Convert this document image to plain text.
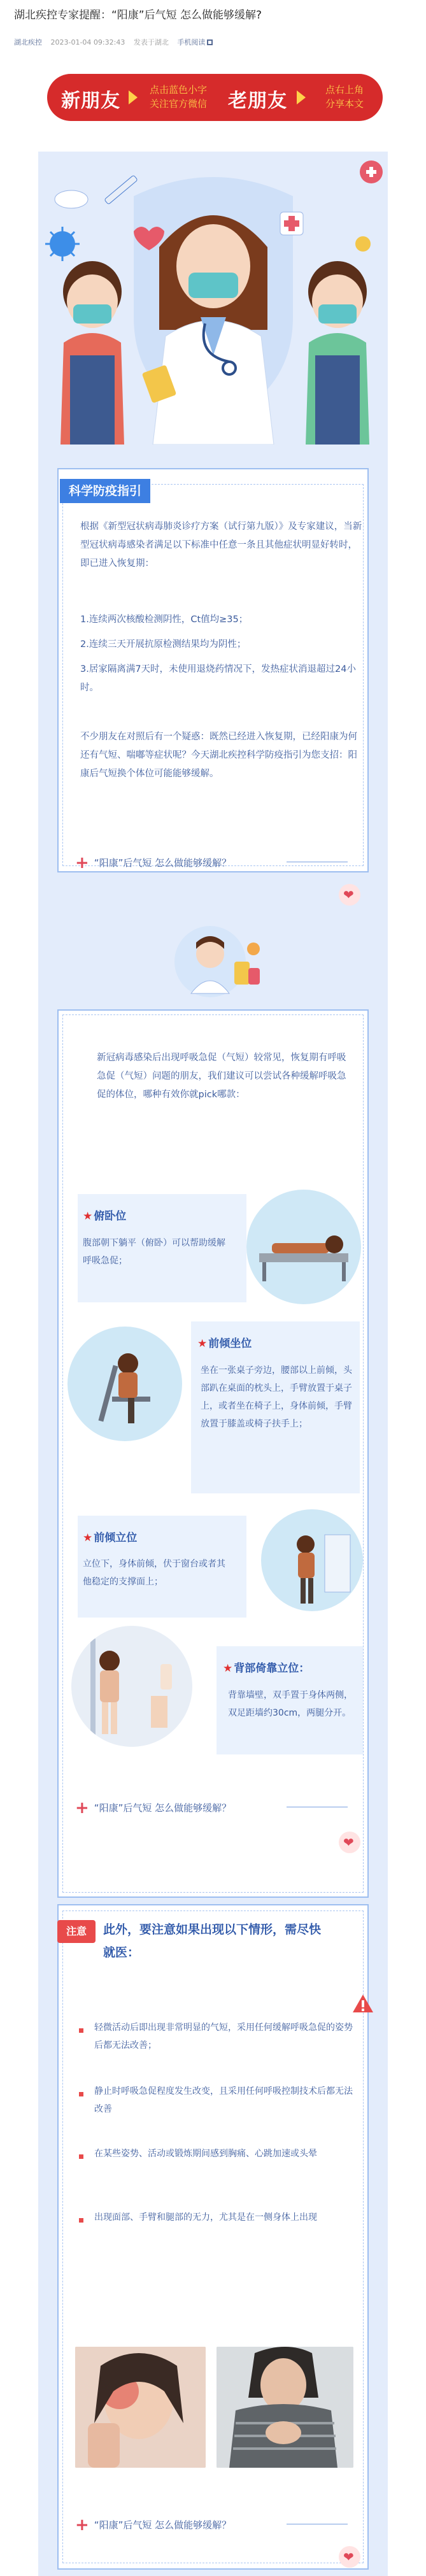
湖北疾控专家提醒：“阳康”后气短 怎么做能够缓解?
湖北疾控 2023-01-04 09:32:43 发表于湖北 手机阅读
新朋友	点击蓝色小字
关注官方微信	老朋友	点右上角
分享本文
科学防疫指引
根据《新型冠状病毒肺炎诊疗方案（试行第九版）》及专家建议，当新型冠状病毒感染者满足以下标准中任意一条且其他症状明显好转时，即已进入恢复期：
1.连续两次核酸检测阴性，Ct值均≥35；
2.连续三天开展抗原检测结果均为阴性；
3.居家隔离满7天时，未使用退烧药情况下，发热症状消退超过24小时。
不少朋友在对照后有一个疑惑：既然已经进入恢复期，已经阳康为何还有气短、喘嘟等症状呢？今天湖北疾控科学防疫指引为您支招：阳康后气短换个体位可能能够缓解。
+ “阳康”后气短 怎么做能够缓解？
❤
新冠病毒感染后出现呼吸急促（气短）较常见，恢复期有呼吸急促（气短）问题的朋友，我们建议可以尝试各种缓解呼吸急促的体位，哪种有效你就pick哪款：
★ 俯卧位
腹部朝下躺平（俯卧）可以帮助缓解呼吸急促；
★ 前倾坐位
坐在一张桌子旁边，腰部以上前倾，头部趴在桌面的枕头上，手臂放置于桌子上，或者坐在椅子上，身体前倾，手臂放置于膝盖或椅子扶手上；
★ 前倾立位
立位下，身体前倾，伏于窗台或者其他稳定的支撑面上；
★ 背部倚靠立位：
背靠墙壁，双手置于身体两侧，双足距墙约30cm，两腿分开。
+ “阳康”后气短 怎么做能够缓解？
❤
注意	此外，要注意如果出现以下情形，需尽快就医：
轻微活动后即出现非常明显的气短，采用任何缓解呼吸急促的姿势后都无法改善；
静止时呼吸急促程度发生改变，且采用任何呼吸控制技术后都无法改善
在某些姿势、活动或锻炼期间感到胸痛、心跳加速或头晕
出现面部、手臂和腿部的无力，尤其是在一侧身体上出现
+ “阳康”后气短 怎么做能够缓解？
❤
